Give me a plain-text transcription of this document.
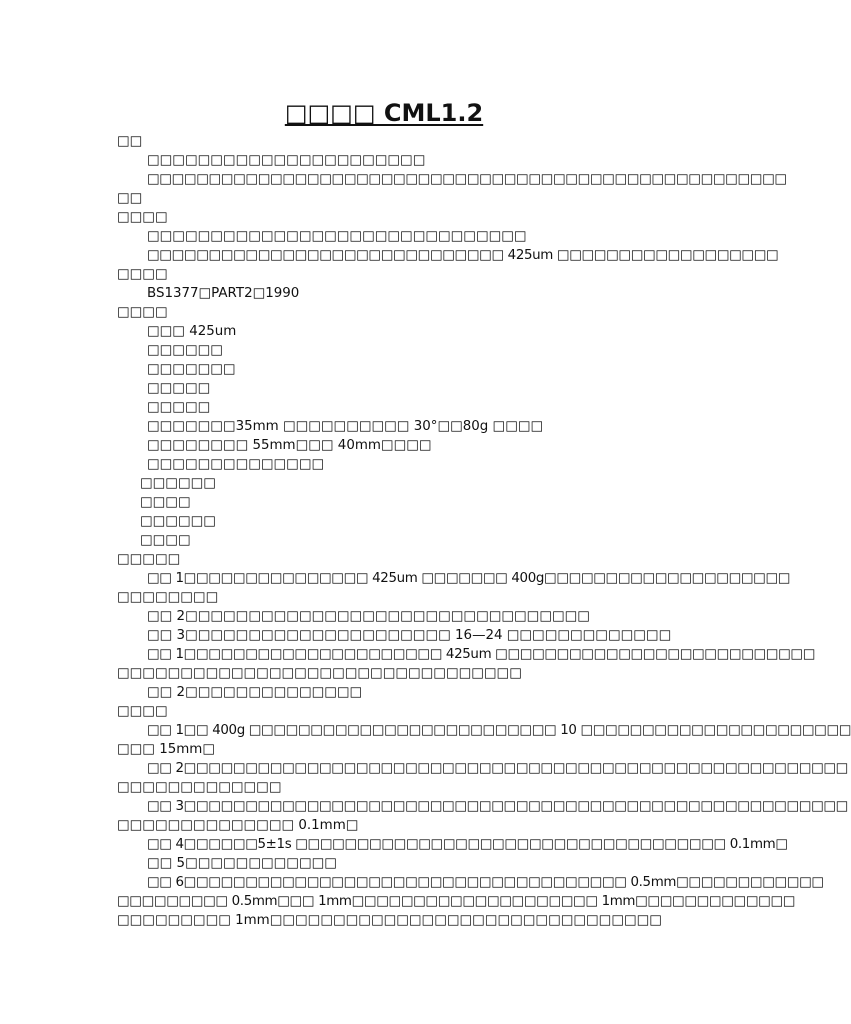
□□□□ CML1.2
□□
□□□□□□□□□□□□□□□□□□□□□□
□□□□□□□□□□□□□□□□□□□□□□□□□□□□□□□□□□□□□□□□□□□□□□□□□□□□
□□
□□□□
□□□□□□□□□□□□□□□□□□□□□□□□□□□□□□
□□□□□□□□□□□□□□□□□□□□□□□□□□□□□ 425um □□□□□□□□□□□□□□□□□□
□□□□
BS1377□PART2□1990
□□□□
□□□ 425um
□□□□□□
□□□□□□□
□□□□□
□□□□□
□□□□□□□35mm □□□□□□□□□□ 30°□□80g □□□□
□□□□□□□□ 55mm□□□ 40mm□□□□
□□□□□□□□□□□□□□
□□□□□□
□□□□
□□□□□□
□□□□
□□□□□
□□ 1□□□□□□□□□□□□□□□ 425um □□□□□□□ 400g□□□□□□□□□□□□□□□□□□□□
□□□□□□□□
□□ 2□□□□□□□□□□□□□□□□□□□□□□□□□□□□□□□□
□□ 3□□□□□□□□□□□□□□□□□□□□□ 16—24 □□□□□□□□□□□□□
□□ 1□□□□□□□□□□□□□□□□□□□□□ 425um □□□□□□□□□□□□□□□□□□□□□□□□□□
□□□□□□□□□□□□□□□□□□□□□□□□□□□□□□□□
□□ 2□□□□□□□□□□□□□□
□□□□
□□ 1□□ 400g □□□□□□□□□□□□□□□□□□□□□□□□□ 10 □□□□□□□□□□□□□□□□□□□□□□
□□□ 15mm□
□□ 2□□□□□□□□□□□□□□□□□□□□□□□□□□□□□□□□□□□□□□□□□□□□□□□□□□□□□□
□□□□□□□□□□□□□
□□ 3□□□□□□□□□□□□□□□□□□□□□□□□□□□□□□□□□□□□□□□□□□□□□□□□□□□□□□
□□□□□□□□□□□□□□ 0.1mm□
□□ 4□□□□□□5±1s □□□□□□□□□□□□□□□□□□□□□□□□□□□□□□□□□□□ 0.1mm□
□□ 5□□□□□□□□□□□□
□□ 6□□□□□□□□□□□□□□□□□□□□□□□□□□□□□□□□□□□□ 0.5mm□□□□□□□□□□□□
□□□□□□□□□ 0.5mm□□□ 1mm□□□□□□□□□□□□□□□□□□□□ 1mm□□□□□□□□□□□□□
□□□□□□□□□ 1mm□□□□□□□□□□□□□□□□□□□□□□□□□□□□□□□
